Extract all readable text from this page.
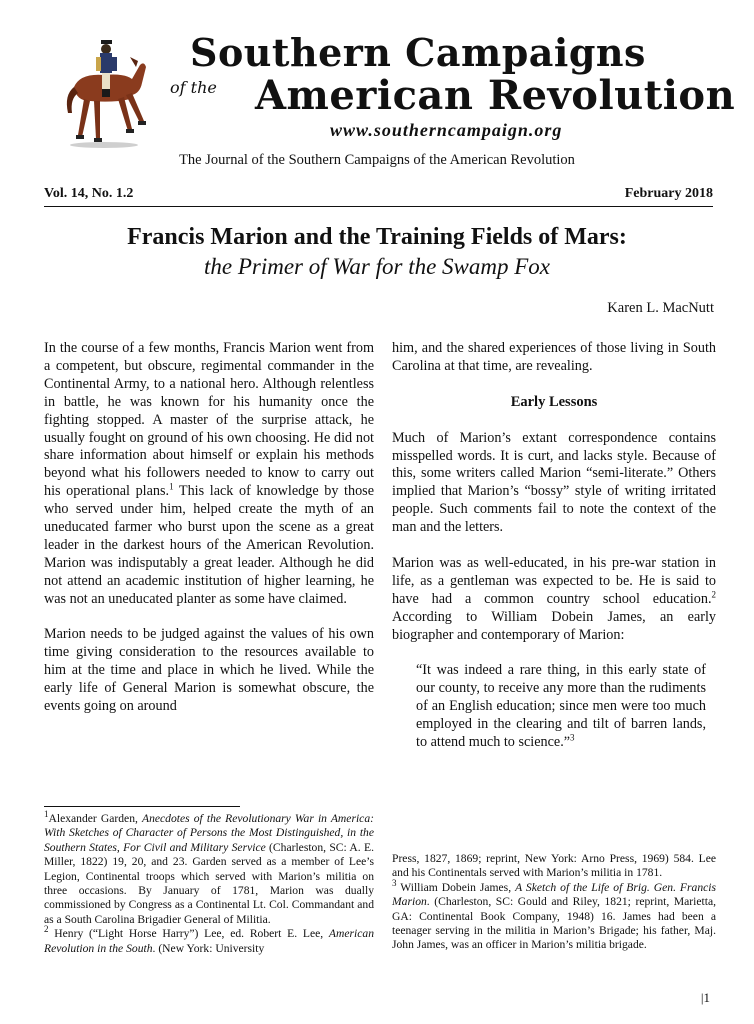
Southern Campaigns
of the American Revolution
www.southerncampaign.org
The Journal of the Southern Campaigns of the American Revolution
Vol. 14, No. 1.2	February 2018
Francis Marion and the Training Fields of Mars:
the Primer of War for the Swamp Fox
Karen L. MacNutt

In the course of a few months, Francis Marion went from a competent, but obscure, regimental commander in the Continental Army, to a national hero. Although relentless in battle, he was known for his humanity once the fighting stopped. A master of the surprise attack, he usually fought on ground of his own choosing. He did not share information about himself or explain his methods beyond what his followers needed to know to carry out his operational plans.$^1$ This lack of knowledge by those who served under him, helped create the myth of an uneducated farmer who burst upon the scene as a great leader in the darkest hours of the American Revolution. Marion was indisputably a great leader. Although he did not attend an academic institution of higher learning, he was not an uneducated planter as some have claimed.

Marion needs to be judged against the values of his own time giving consideration to the resources available to him at the time and place in which he lived. While the early life of General Marion is somewhat obscure, the events going on around

him, and the shared experiences of those living in South Carolina at that time, are revealing.

Early Lessons

Much of Marion’s extant correspondence contains misspelled words. It is curt, and lacks style. Because of this, some writers called Marion “semi-literate.” Others implied that Marion’s “bossy” style of writing irritated people. Such comments fail to note the context of the man and the letters.

Marion was as well-educated, in his pre-war station in life, as a gentleman was expected to be. He is said to have had a common country school education.$^2$ According to William Dobein James, an early biographer and contemporary of Marion:

“It was indeed a rare thing, in this early state of our county, to receive any more than the rudiments of an English education; since men were too much employed in the clearing and tilt of barren lands, to attend much to science.”$^3$

$^1$Alexander Garden, Anecdotes of the Revolutionary War in America: With Sketches of Character of Persons the Most Distinguished, in the Southern States, For Civil and Military Service (Charleston, SC: A. E. Miller, 1822) 19, 20, and 23. Garden served as a member of Lee’s Legion, Continental troops which served with Marion’s militia on three occasions. By January of 1781, Marion was dually commissioned by Congress as a Continental Lt. Col. Commandant and as a South Carolina Brigadier General of Militia.

$^2$ Henry (“Light Horse Harry”) Lee, ed. Robert E. Lee, American Revolution in the South. (New York: University

Press, 1827, 1869; reprint, New York: Arno Press, 1969) 584. Lee and his Continentals served with Marion’s militia in 1781.

$^3$ William Dobein James, A Sketch of the Life of Brig. Gen. Francis Marion. (Charleston, SC: Gould and Riley, 1821; reprint, Marietta, GA: Continental Book Company, 1948) 16. James had been a teenager serving in the militia in Marion’s Brigade; his father, Maj. John James, was an officer in Marion’s militia brigade.

|1
